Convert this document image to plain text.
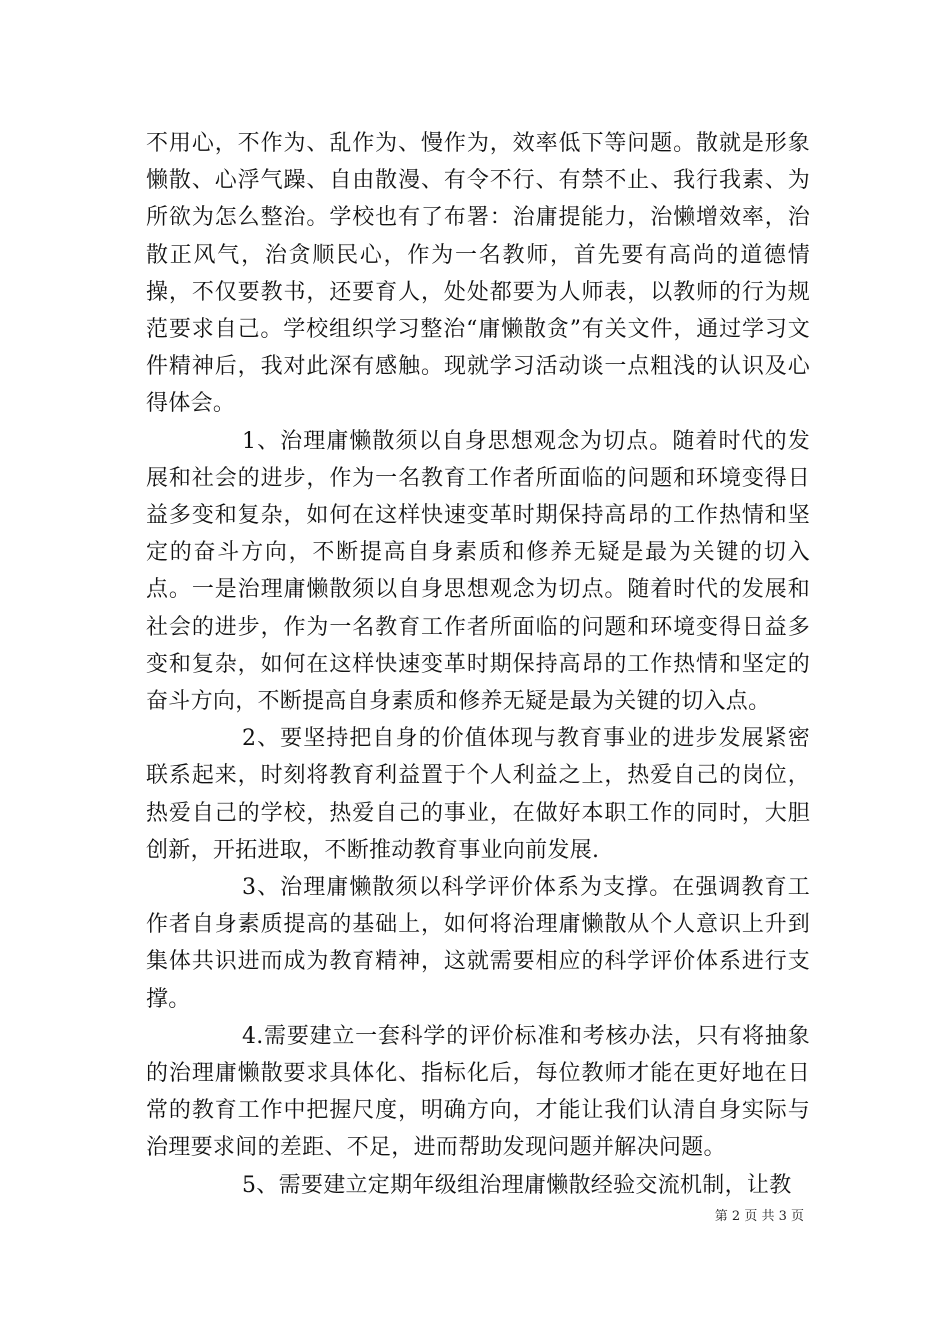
不用心，不作为、乱作为、慢作为，效率低下等问题。散就是形象懒散、心浮气躁、自由散漫、有令不行、有禁不止、我行我素、为所欲为怎么整治。学校也有了布署：治庸提能力，治懒增效率，治散正风气，治贪顺民心，作为一名教师，首先要有高尚的道德情操，不仅要教书，还要育人，处处都要为人师表，以教师的行为规范要求自己。学校组织学习整治“庸懒散贪”有关文件，通过学习文件精神后，我对此深有感触。现就学习活动谈一点粗浅的认识及心得体会。

1、治理庸懒散须以自身思想观念为切点。随着时代的发展和社会的进步，作为一名教育工作者所面临的问题和环境变得日益多变和复杂，如何在这样快速变革时期保持高昂的工作热情和坚定的奋斗方向，不断提高自身素质和修养无疑是最为关键的切入点。一是治理庸懒散须以自身思想观念为切点。随着时代的发展和社会的进步，作为一名教育工作者所面临的问题和环境变得日益多变和复杂，如何在这样快速变革时期保持高昂的工作热情和坚定的奋斗方向，不断提高自身素质和修养无疑是最为关键的切入点。

2、要坚持把自身的价值体现与教育事业的进步发展紧密联系起来，时刻将教育利益置于个人利益之上，热爱自己的岗位，热爱自己的学校，热爱自己的事业，在做好本职工作的同时，大胆创新，开拓进取，不断推动教育事业向前发展.

3、治理庸懒散须以科学评价体系为支撑。在强调教育工作者自身素质提高的基础上，如何将治理庸懒散从个人意识上升到集体共识进而成为教育精神，这就需要相应的科学评价体系进行支撑。

4.需要建立一套科学的评价标准和考核办法，只有将抽象的治理庸懒散要求具体化、指标化后，每位教师才能在更好地在日常的教育工作中把握尺度，明确方向，才能让我们认清自身实际与治理要求间的差距、不足，进而帮助发现问题并解决问题。

5、需要建立定期年级组治理庸懒散经验交流机制，让教

第 2 页 共 3 页
